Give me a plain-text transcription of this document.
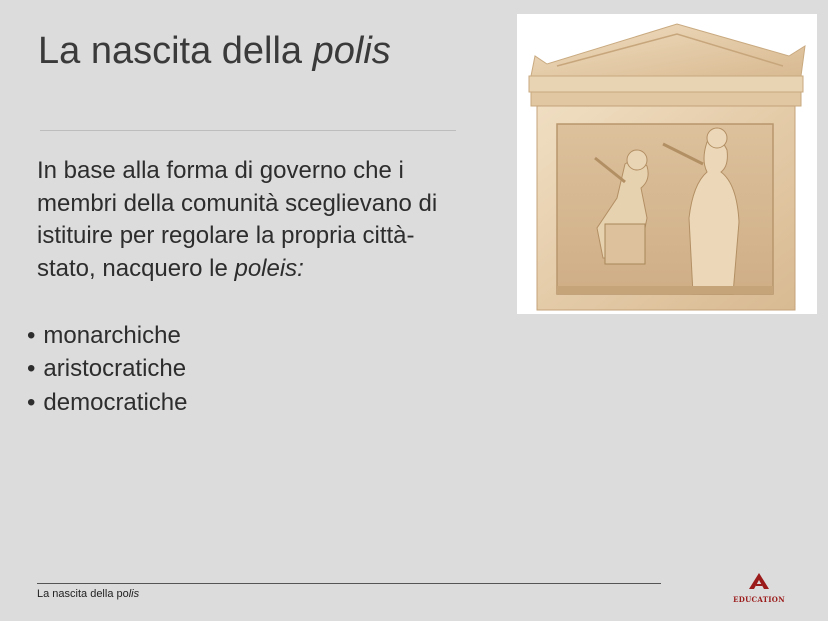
La nascita della polis
In base alla forma di governo che i membri della comunità sceglievano di istituire per regolare la propria città-stato, nacquero le poleis:
• monarchiche
• aristocratiche
• democratiche
La nascita della polis	EDUCATION
